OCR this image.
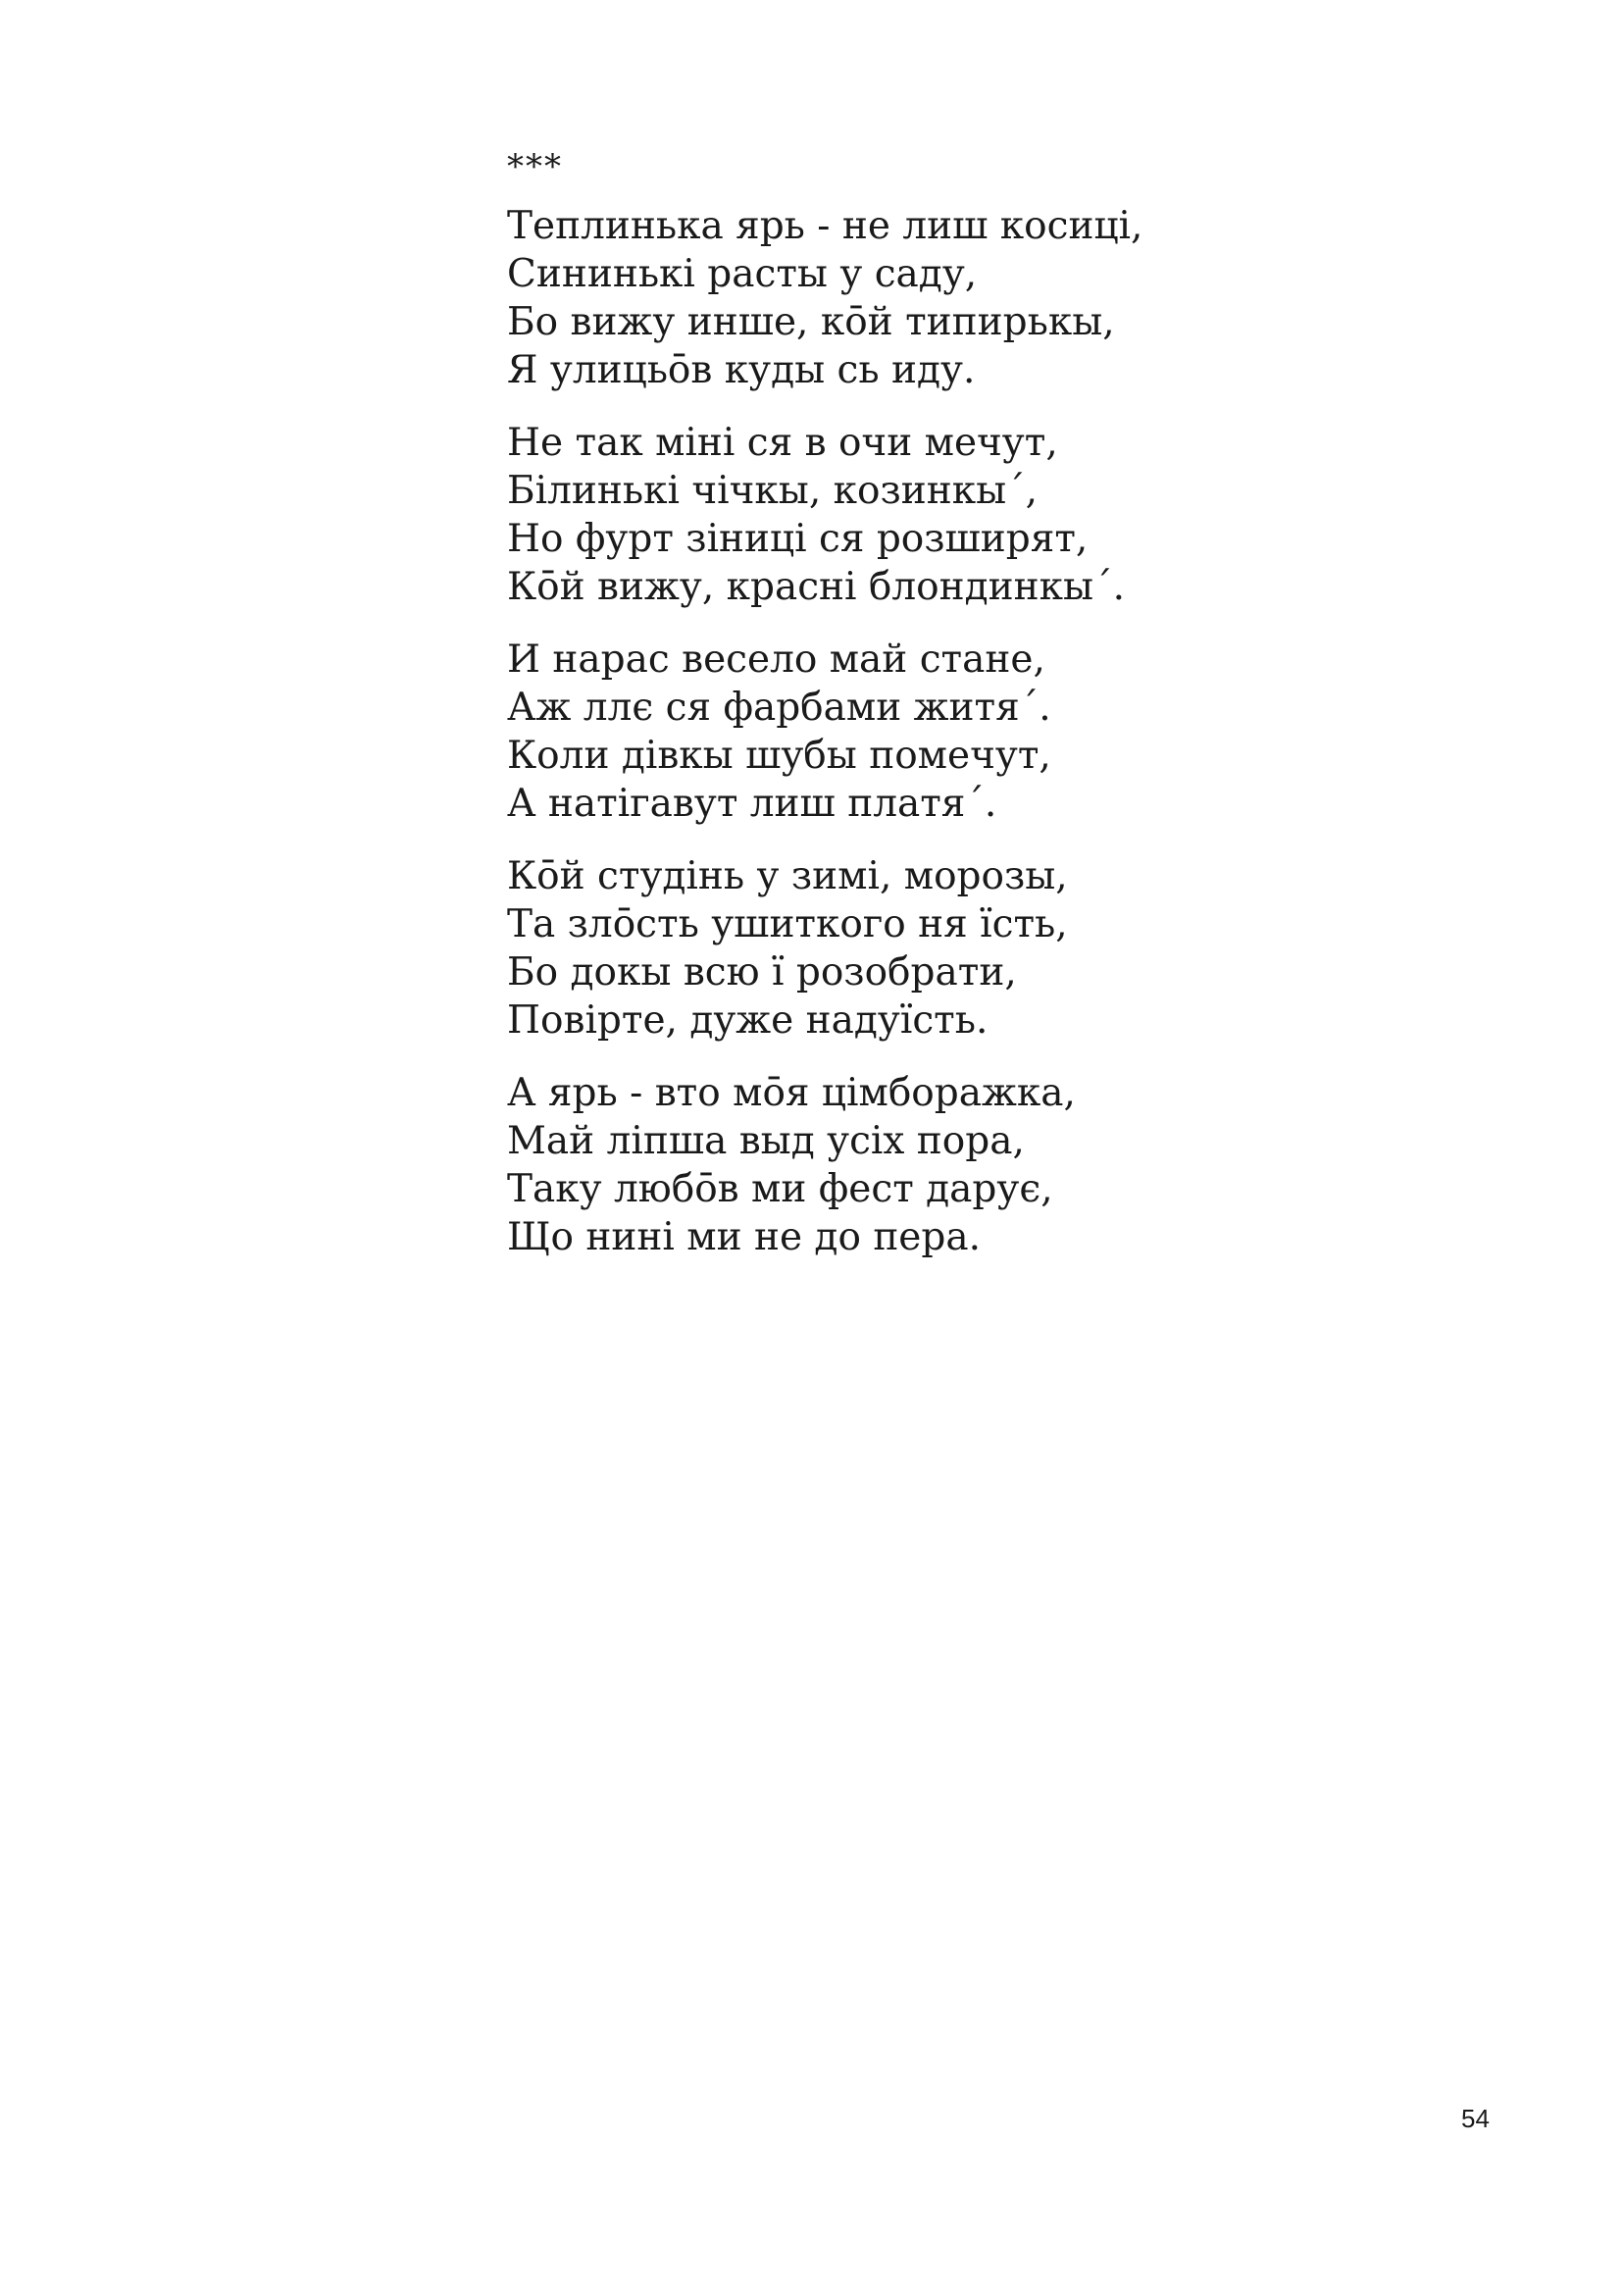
***
Теплинька ярь - не лиш косиці,
Сининькі расты у саду,
Бо вижу инше, кōй типирькы,
Я улицьōв куды сь иду.
Не так міні ся в очи мечут,
Білинькі чічкы, козинкы´,
Но фурт зіниці ся розширят,
Кōй вижу, красні блондинкы´.
И нарас весело май стане,
Аж ллє ся фарбами житя´.
Коли дівкы шубы помечут,
А натігавут лиш платя´.
Кōй студінь у зимі, морозы,
Та злōсть ушиткого ня їсть,
Бо докы всю ї розобрати,
Повірте, дуже надуїсть.
А ярь - вто мōя цімборажка,
Май ліпша выд усіх пора,
Таку любōв ми фест дарує,
Що нині ми не до пера.
54
